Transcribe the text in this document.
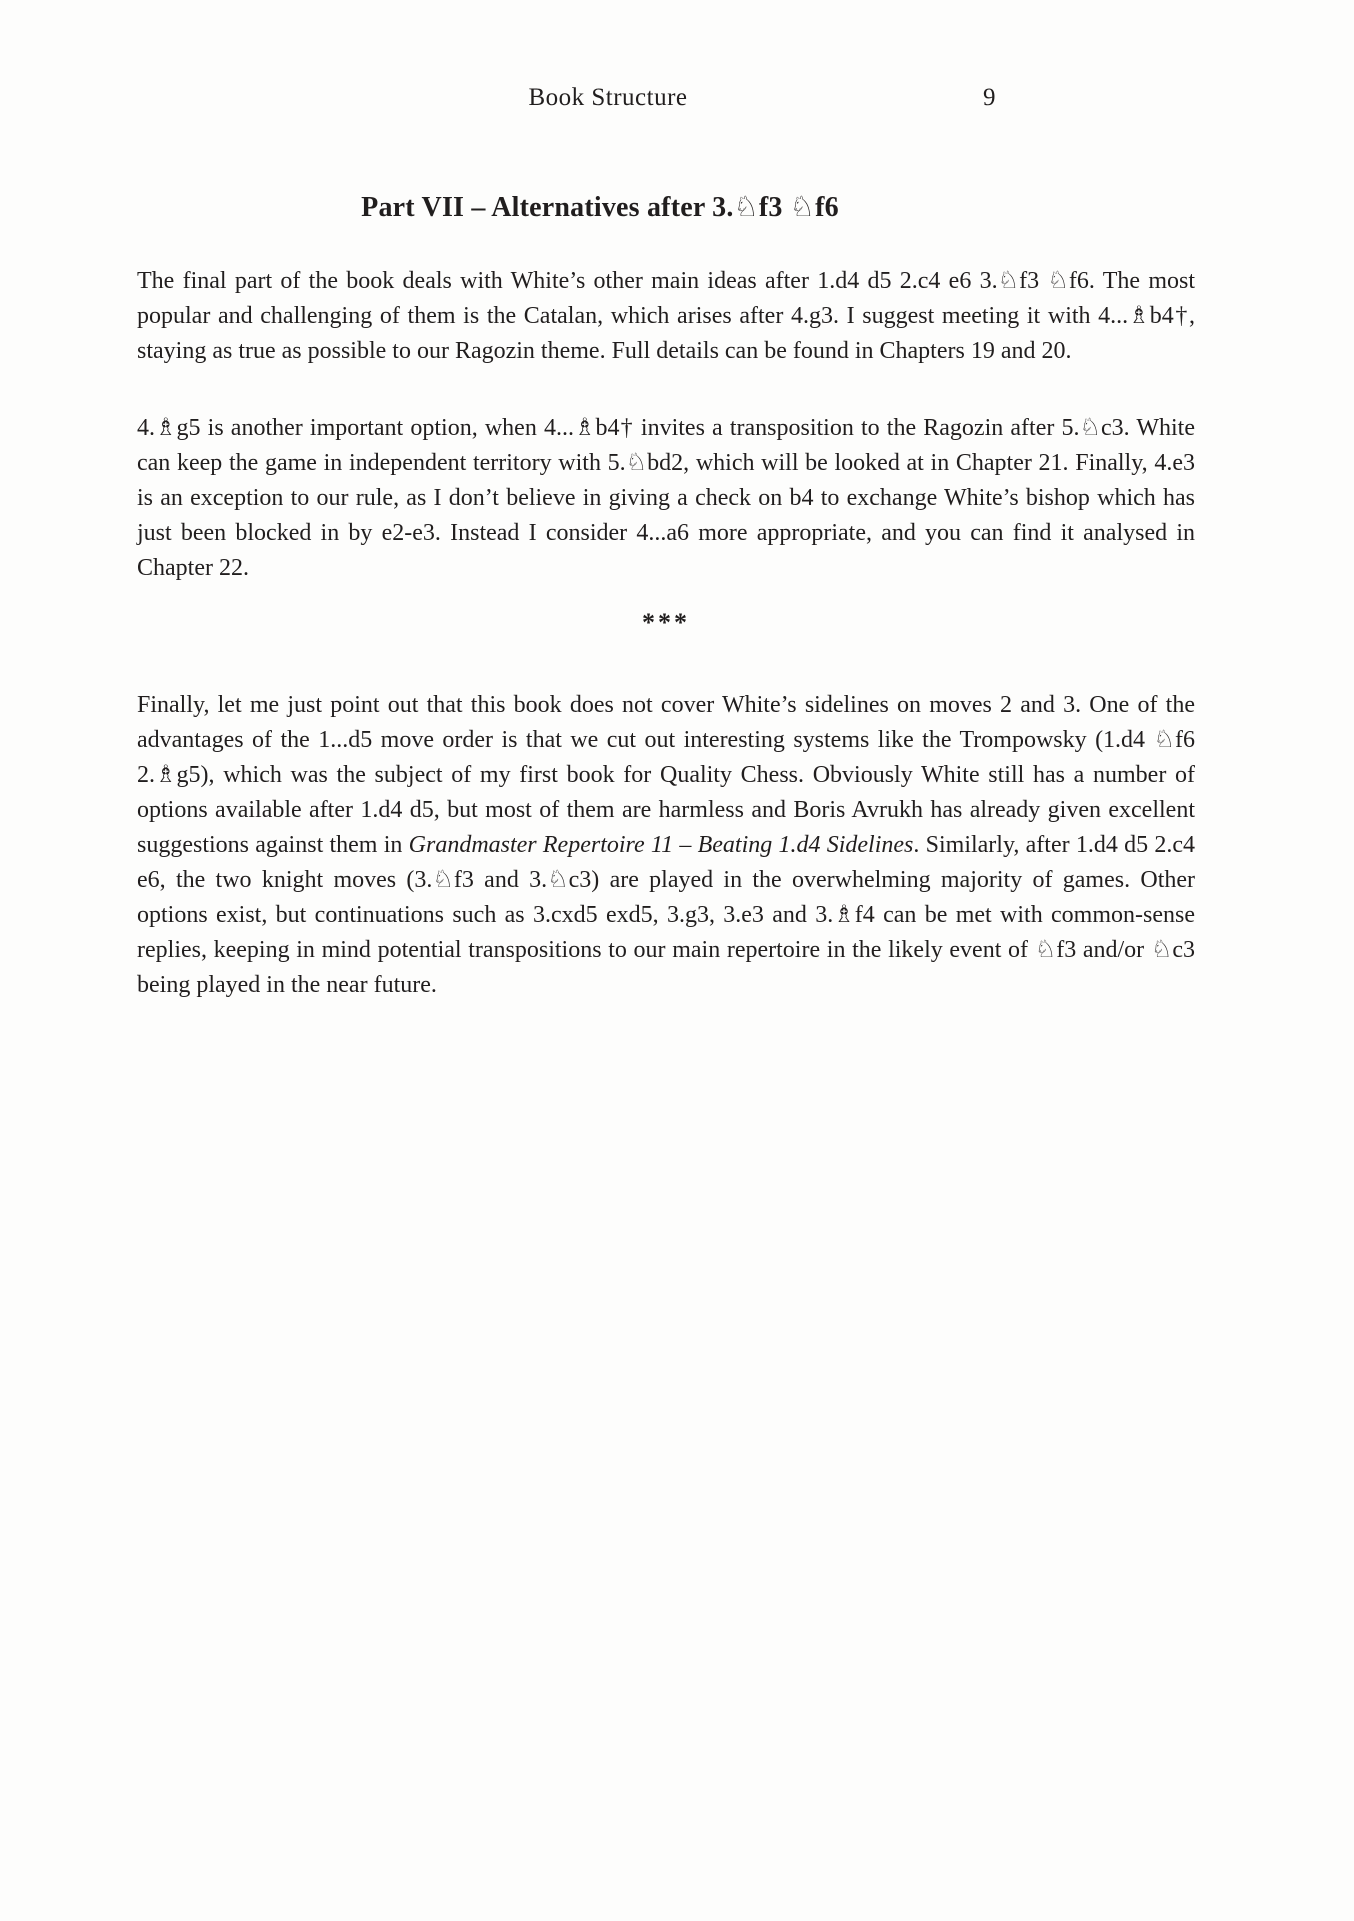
Book Structure	9
Part VII – Alternatives after 3.♘f3 ♘f6

The final part of the book deals with White’s other main ideas after 1.d4 d5 2.c4 e6 3.♘f3 ♘f6. The most popular and challenging of them is the Catalan, which arises after 4.g3. I suggest meeting it with 4...♗b4†, staying as true as possible to our Ragozin theme. Full details can be found in Chapters 19 and 20.

4.♗g5 is another important option, when 4...♗b4† invites a transposition to the Ragozin after 5.♘c3. White can keep the game in independent territory with 5.♘bd2, which will be looked at in Chapter 21. Finally, 4.e3 is an exception to our rule, as I don’t believe in giving a check on b4 to exchange White’s bishop which has just been blocked in by e2-e3. Instead I consider 4...a6 more appropriate, and you can find it analysed in Chapter 22.

***

Finally, let me just point out that this book does not cover White’s sidelines on moves 2 and 3. One of the advantages of the 1...d5 move order is that we cut out interesting systems like the Trompowsky (1.d4 ♘f6 2.♗g5), which was the subject of my first book for Quality Chess. Obviously White still has a number of options available after 1.d4 d5, but most of them are harmless and Boris Avrukh has already given excellent suggestions against them in Grandmaster Repertoire 11 – Beating 1.d4 Sidelines. Similarly, after 1.d4 d5 2.c4 e6, the two knight moves (3.♘f3 and 3.♘c3) are played in the overwhelming majority of games. Other options exist, but continuations such as 3.cxd5 exd5, 3.g3, 3.e3 and 3.♗f4 can be met with common-sense replies, keeping in mind potential transpositions to our main repertoire in the likely event of ♘f3 and/or ♘c3 being played in the near future.
